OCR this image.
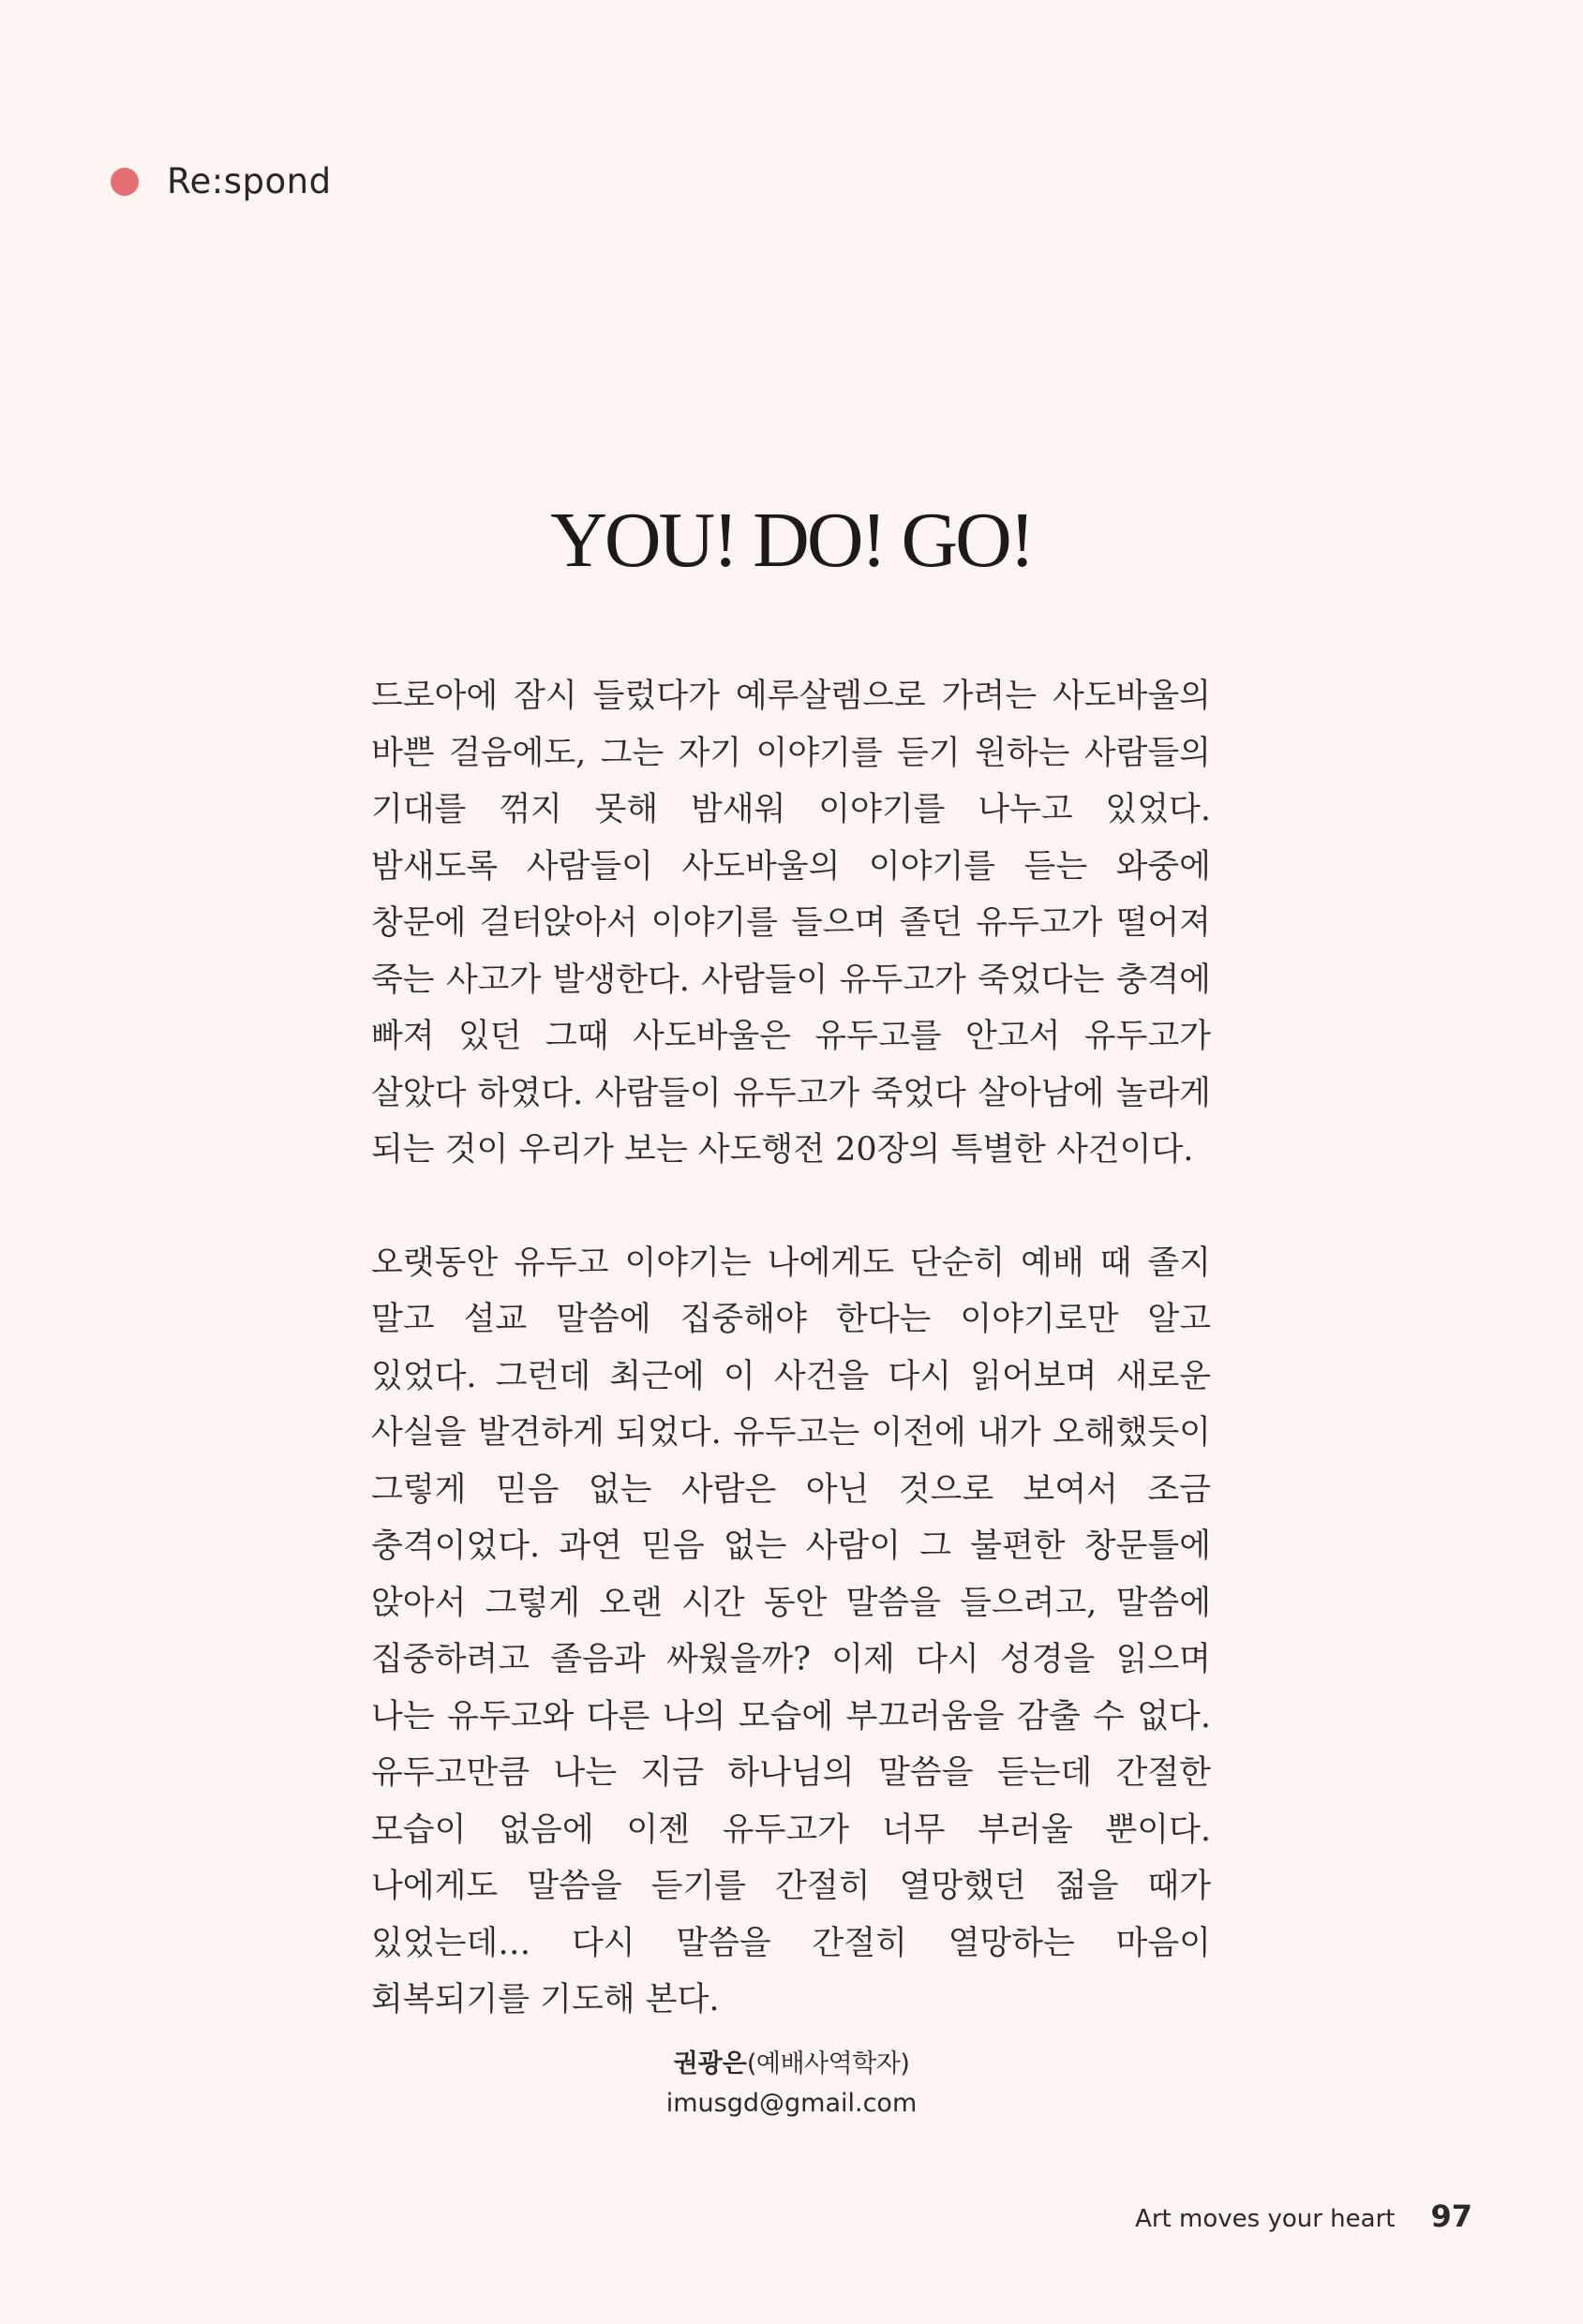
Re:spond
YOU! DO! GO!

드로아에 잠시 들렀다가 예루살렘으로 가려는 사도바울의 바쁜 걸음에도, 그는 자기 이야기를 듣기 원하는 사람들의 기대를 꺾지 못해 밤새워 이야기를 나누고 있었다. 밤새도록 사람들이 사도바울의 이야기를 듣는 와중에 창문에 걸터앉아서 이야기를 들으며 졸던 유두고가 떨어져 죽는 사고가 발생한다. 사람들이 유두고가 죽었다는 충격에 빠져 있던 그때 사도바울은 유두고를 안고서 유두고가 살았다 하였다. 사람들이 유두고가 죽었다 살아남에 놀라게 되는 것이 우리가 보는 사도행전 20장의 특별한 사건이다.

오랫동안 유두고 이야기는 나에게도 단순히 예배 때 졸지 말고 설교 말씀에 집중해야 한다는 이야기로만 알고 있었다. 그런데 최근에 이 사건을 다시 읽어보며 새로운 사실을 발견하게 되었다. 유두고는 이전에 내가 오해했듯이 그렇게 믿음 없는 사람은 아닌 것으로 보여서 조금 충격이었다. 과연 믿음 없는 사람이 그 불편한 창문틀에 앉아서 그렇게 오랜 시간 동안 말씀을 들으려고, 말씀에 집중하려고 졸음과 싸웠을까? 이제 다시 성경을 읽으며 나는 유두고와 다른 나의 모습에 부끄러움을 감출 수 없다. 유두고만큼 나는 지금 하나님의 말씀을 듣는데 간절한 모습이 없음에 이젠 유두고가 너무 부러울 뿐이다. 나에게도 말씀을 듣기를 간절히 열망했던 젊을 때가 있었는데… 다시 말씀을 간절히 열망하는 마음이 회복되기를 기도해 본다.

권광은(예배사역학자)
imusgd@gmail.com
Art moves your heart 97
